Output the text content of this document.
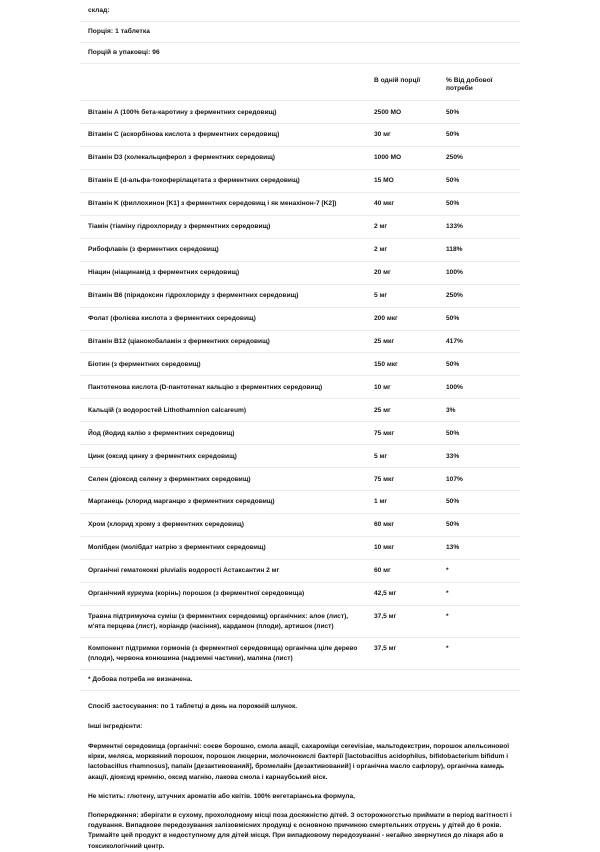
склад:
Порція: 1 таблетка
Порцій в упаковці: 96
	В одній порції	% Від добової потреби
Вітамін A (100% бета-каротину з ферментних середовищ)	2500 МО	50%
Вітамін C (аскорбінова кислота з ферментних середовищ)	30 мг	50%
Вітамін D3 (холекальциферол з ферментних середовищ)	1000 МО	250%
Вітамін E (d-альфа-токоферілацетата з ферментних середовищ)	15 МО	50%
Вітамін K (филлохинон [K1] з ферментних середовищ і як менахінон-7 [K2])	40 мкг	50%
Тіамін (тіаміну гідрохлориду з ферментних середовищ)	2 мг	133%
Рибофлавін (з ферментних середовищ)	2 мг	118%
Ніацин (ніацинамід з ферментних середовищ)	20 мг	100%
Вітамін B6 (піридоксин гідрохлориду з ферментних середовищ)	5 мг	250%
Фолат (фолієва кислота з ферментних середовищ)	200 мкг	50%
Вітамін B12 (ціанокобаламін з ферментних середовищ)	25 мкг	417%
Біотин (з ферментних середовищ)	150 мкг	50%
Пантотенова кислота (D-пантотенат кальцію з ферментних середовищ)	10 мг	100%
Кальцій (з водоростей Lithothamnion calcareum)	25 мг	3%
Йод (йодид калію з ферментних середовищ)	75 мкг	50%
Цинк (оксид цинку з ферментних середовищ)	5 мг	33%
Селен (діоксид селену з ферментних середовищ)	75 мкг	107%
Марганець (хлорид марганцю з ферментних середовищ)	1 мг	50%
Хром (хлорид хрому з ферментних середовищ)	60 мкг	50%
Молібден (молібдат натрію з ферментних середовищ)	10 мкг	13%
Органічні гематококкі pluvialis водорості Астаксантин 2 мг	60 мг	*
Органічний куркума (корінь) порошок (з ферментної середовища)	42,5 мг	*
Травна підтримуюча суміш (з ферментних середовищ) органічних: алое (лист), м'ята перцева (лист), коріандр (насіння), кардамон (плоди), артишок (лист)	37,5 мг	*
Компонент підтримки гормонів (з ферментної середовища) органічна ціле дерево (плоди), червона конюшина (надземні частини), малина (лист)	37,5 мг	*
* Добова потреба не визначена.
Спосіб застосування: по 1 таблетці в день на порожній шлунок.
Інші інгредієнти:
Ферментні середовища (органічні: соєве борошно, смола акації, сахароміци cerevisiae, мальтодекстрин, порошок апельсинової кірки, меляса, морквяний порошок, порошок люцерни, молочнокислі бактерії [lactobacillus acidophilus, bifidobacterium bifidum і lactobacillus rhamnosus], папаїн [дезактивований], бромелайн [дезактивований] і органічна масло сафлору), органічна камедь акації, діоксид кремнію, оксид магнію, лакова смола і карнаубський віск.
Не містить: глютену, штучних ароматів або квітів. 100% вегетаріанська формула,
Попередження: зберігати в сухому, прохолодному місці поза досяжністю дітей. З осторожногстью приймати в період вагітності і годування. Випадкове передозування залізовмісних продукці є основною причиною смертельних отруєнь у дітей до 6 років. Тримайте цей продукт в недоступному для дітей місця. При випадковому передозуванні - негайно звернутися до лікаря або в токсикологічний центр.
